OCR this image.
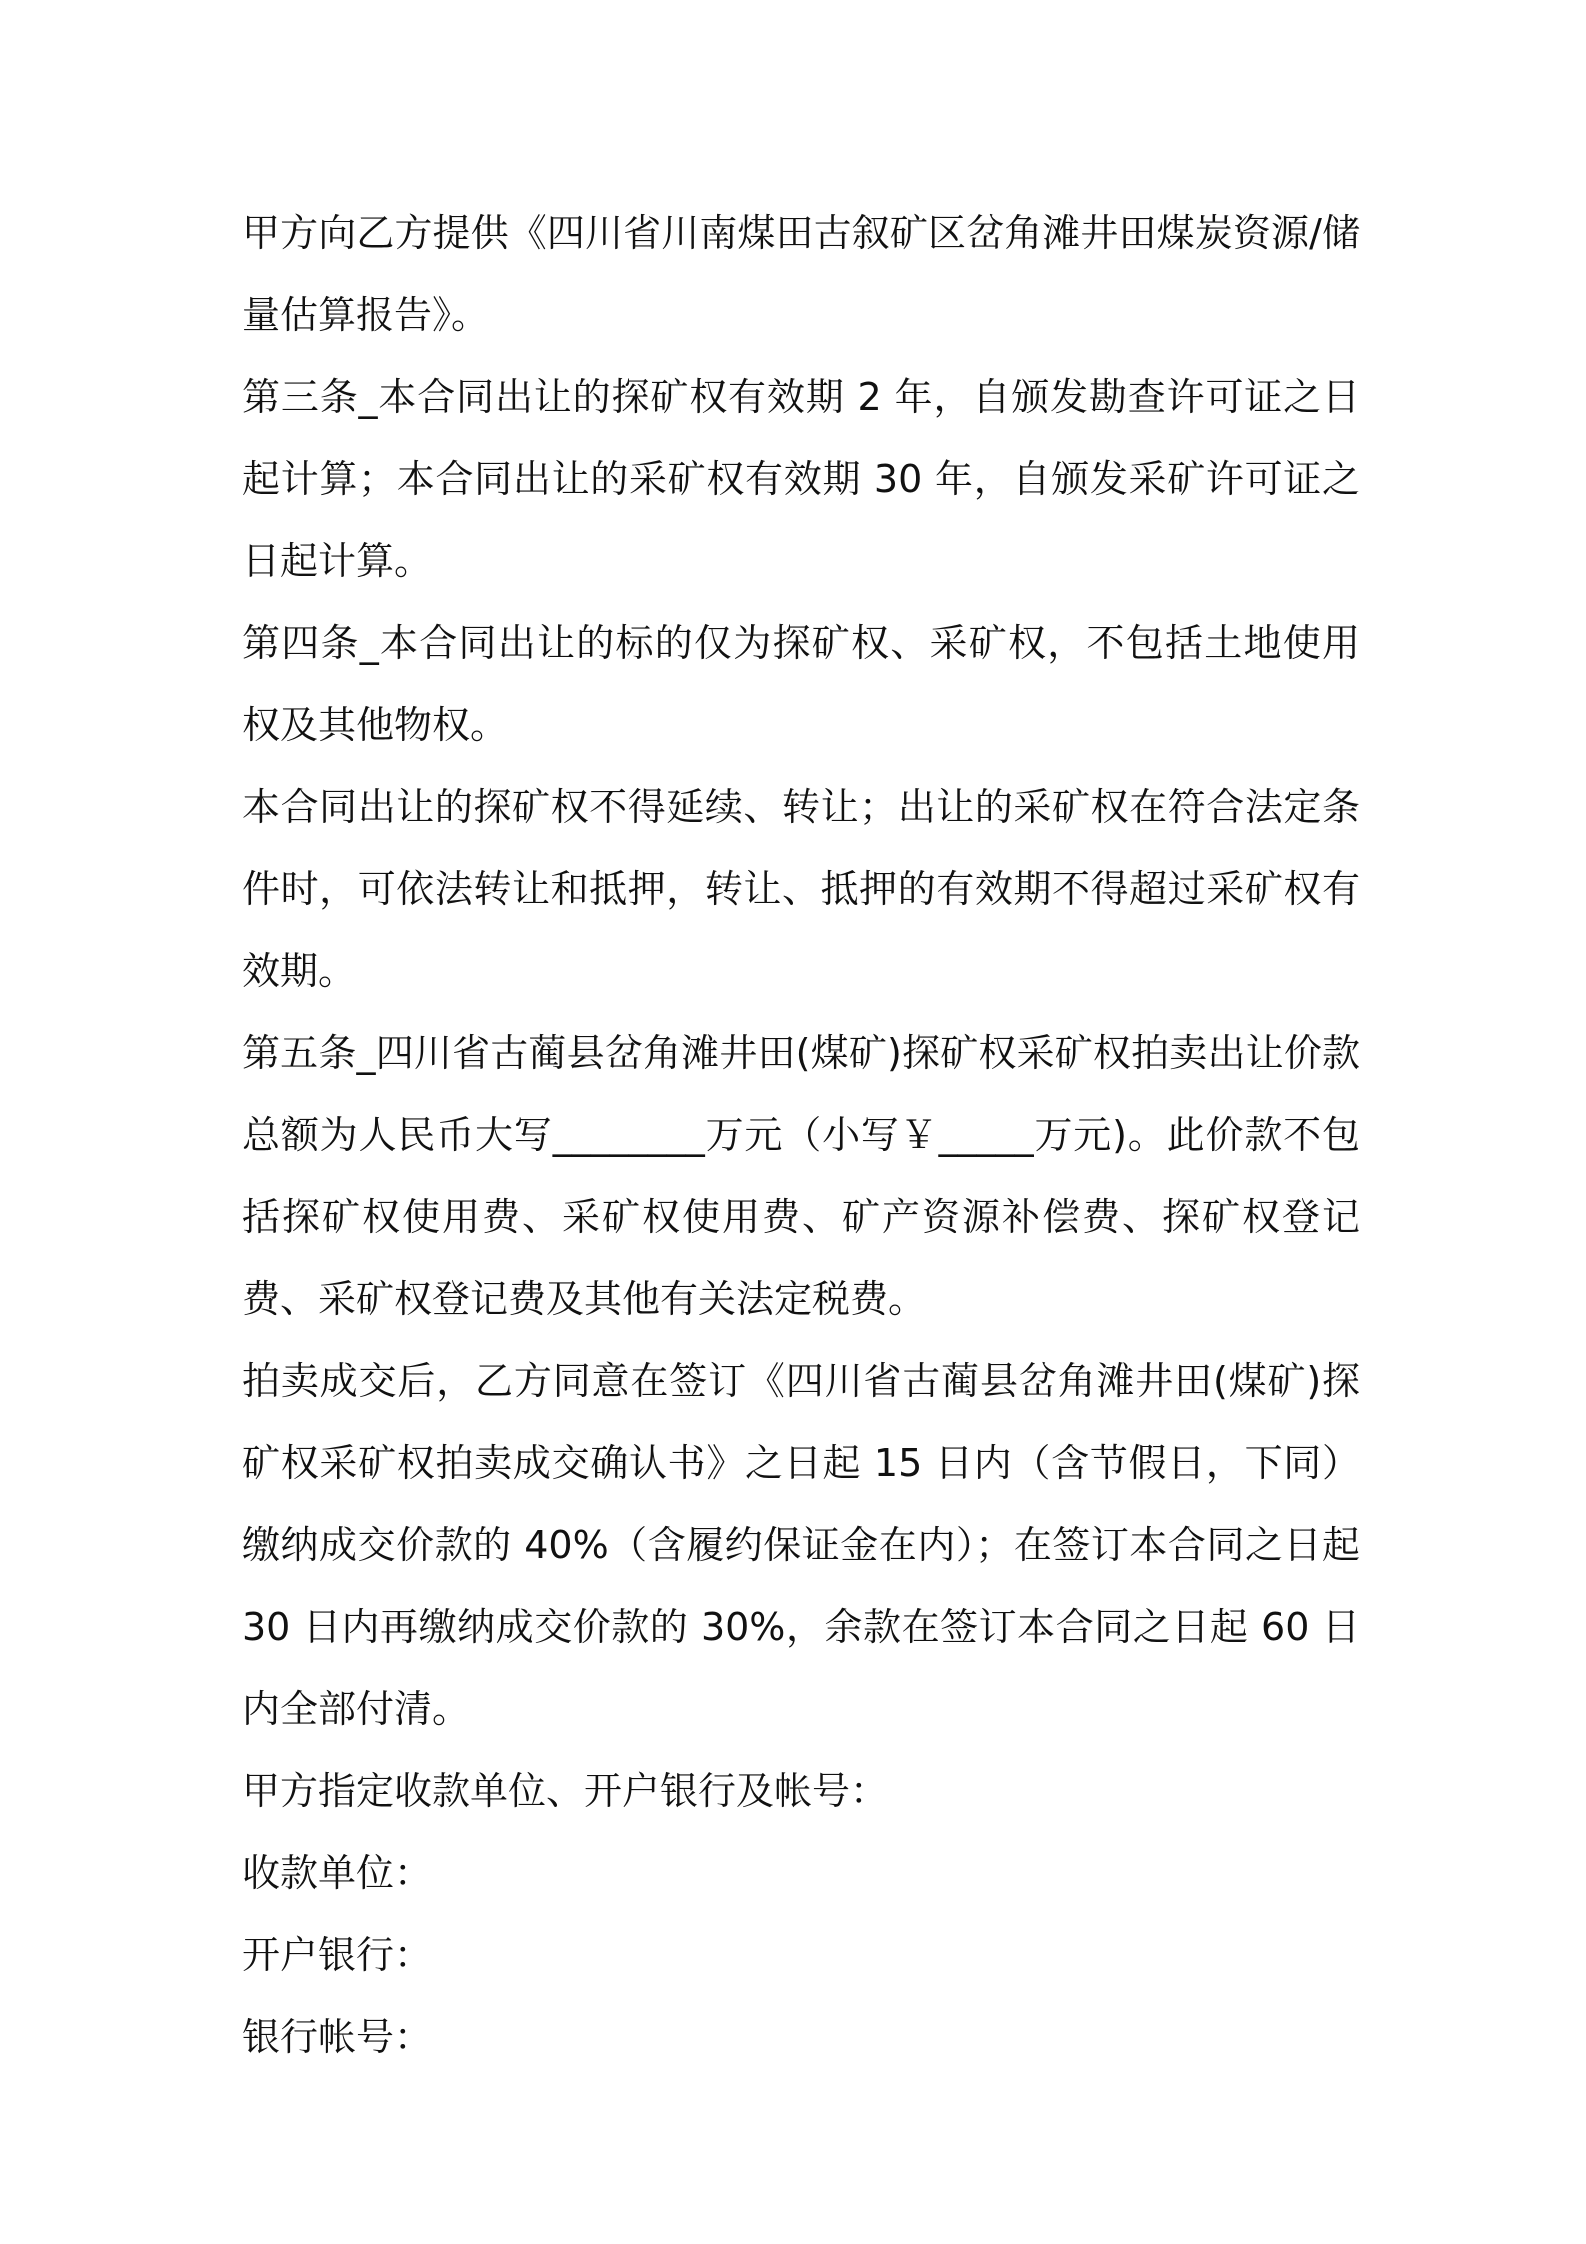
甲方向乙方提供《四川省川南煤田古叙矿区岔角滩井田煤炭资源/储量估算报告》。

第三条_本合同出让的探矿权有效期 2 年，自颁发勘查许可证之日起计算；本合同出让的采矿权有效期 30 年，自颁发采矿许可证之日起计算。

第四条_本合同出让的标的仅为探矿权、采矿权，不包括土地使用权及其他物权。

本合同出让的探矿权不得延续、转让；出让的采矿权在符合法定条件时，可依法转让和抵押，转让、抵押的有效期不得超过采矿权有效期。

第五条_四川省古蔺县岔角滩井田(煤矿)探矿权采矿权拍卖出让价款总额为人民币大写________万元（小写￥_____万元)。此价款不包括探矿权使用费、采矿权使用费、矿产资源补偿费、探矿权登记费、采矿权登记费及其他有关法定税费。

拍卖成交后，乙方同意在签订《四川省古蔺县岔角滩井田(煤矿)探矿权采矿权拍卖成交确认书》之日起 15 日内（含节假日，下同）缴纳成交价款的 40%（含履约保证金在内）；在签订本合同之日起 30 日内再缴纳成交价款的 30%，余款在签订本合同之日起 60 日内全部付清。

甲方指定收款单位、开户银行及帐号：

收款单位：

开户银行：

银行帐号：
